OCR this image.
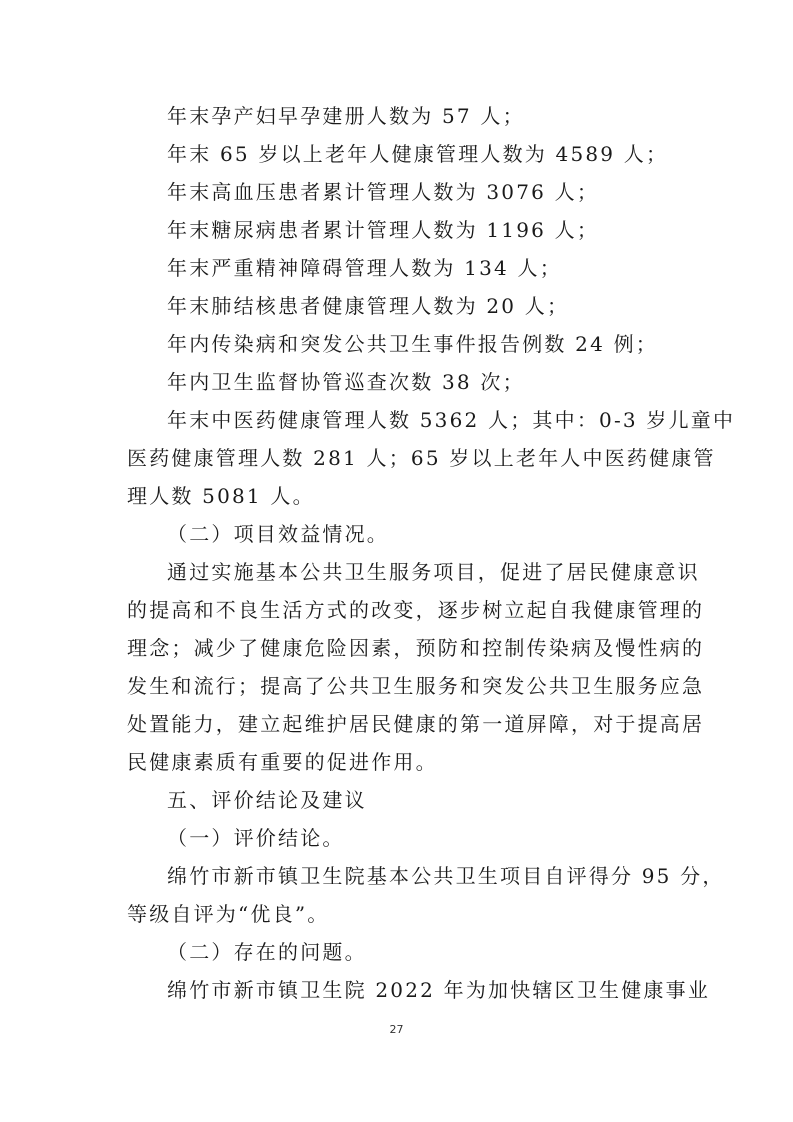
年末孕产妇早孕建册人数为 57 人；
年末 65 岁以上老年人健康管理人数为 4589 人；
年末高血压患者累计管理人数为 3076 人；
年末糖尿病患者累计管理人数为 1196 人；
年末严重精神障碍管理人数为 134 人；
年末肺结核患者健康管理人数为 20 人；
年内传染病和突发公共卫生事件报告例数 24 例；
年内卫生监督协管巡查次数 38 次；
年末中医药健康管理人数 5362 人；其中：0-3 岁儿童中
医药健康管理人数 281 人；65 岁以上老年人中医药健康管
理人数 5081 人。
（二）项目效益情况。
通过实施基本公共卫生服务项目，促进了居民健康意识
的提高和不良生活方式的改变，逐步树立起自我健康管理的
理念；减少了健康危险因素，预防和控制传染病及慢性病的
发生和流行；提高了公共卫生服务和突发公共卫生服务应急
处置能力，建立起维护居民健康的第一道屏障，对于提高居
民健康素质有重要的促进作用。
五、评价结论及建议
（一）评价结论。
绵竹市新市镇卫生院基本公共卫生项目自评得分 95 分，
等级自评为“优良”。
（二）存在的问题。
绵竹市新市镇卫生院 2022 年为加快辖区卫生健康事业
27
